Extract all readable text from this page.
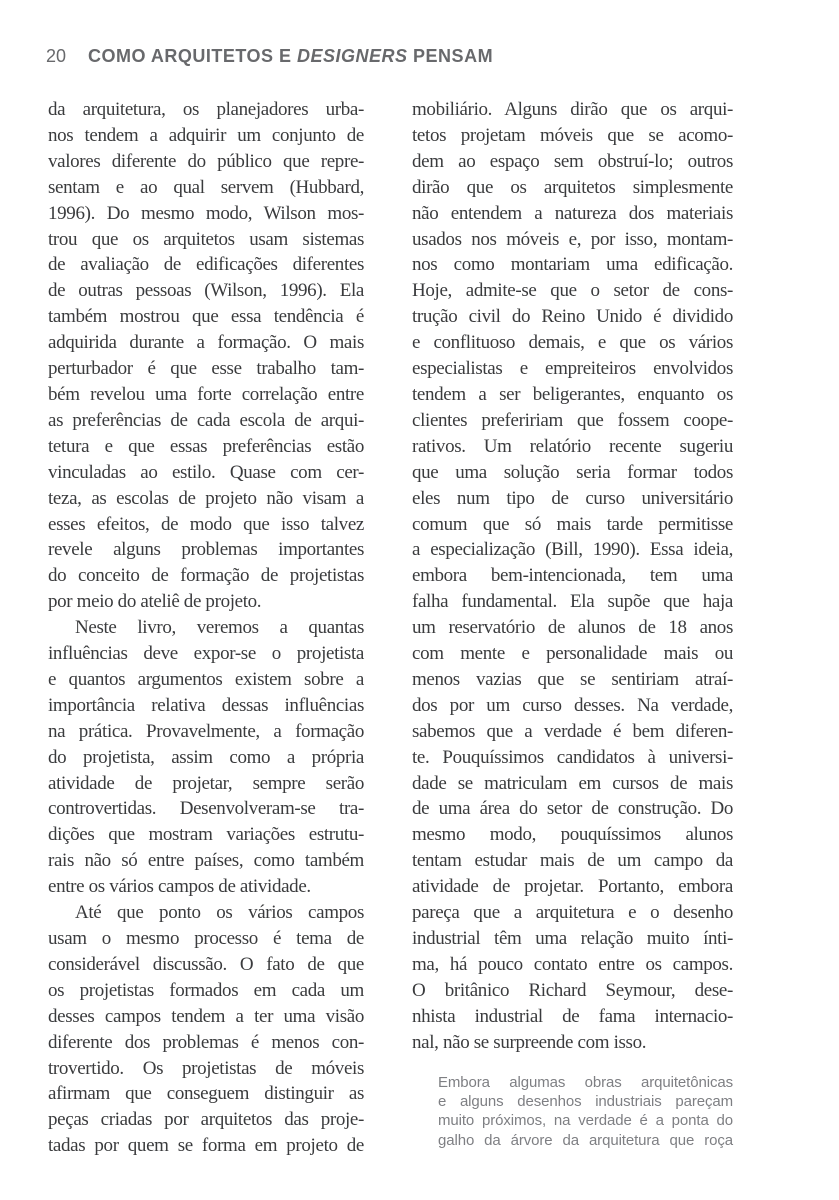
20	COMO ARQUITETOS E DESIGNERS PENSAM
da arquitetura, os planejadores urba-
nos tendem a adquirir um conjunto de
valores diferente do público que repre-
sentam e ao qual servem (Hubbard,
1996). Do mesmo modo, Wilson mos-
trou que os arquitetos usam sistemas
de avaliação de edificações diferentes
de outras pessoas (Wilson, 1996). Ela
também mostrou que essa tendência é
adquirida durante a formação. O mais
perturbador é que esse trabalho tam-
bém revelou uma forte correlação entre
as preferências de cada escola de arqui-
tetura e que essas preferências estão
vinculadas ao estilo. Quase com cer-
teza, as escolas de projeto não visam a
esses efeitos, de modo que isso talvez
revele alguns problemas importantes
do conceito de formação de projetistas
por meio do ateliê de projeto.
Neste livro, veremos a quantas
influências deve expor-se o projetista
e quantos argumentos existem sobre a
importância relativa dessas influências
na prática. Provavelmente, a formação
do projetista, assim como a própria
atividade de projetar, sempre serão
controvertidas. Desenvolveram-se tra-
dições que mostram variações estrutu-
rais não só entre países, como também
entre os vários campos de atividade.
Até que ponto os vários campos
usam o mesmo processo é tema de
considerável discussão. O fato de que
os projetistas formados em cada um
desses campos tendem a ter uma visão
diferente dos problemas é menos con-
trovertido. Os projetistas de móveis
afirmam que conseguem distinguir as
peças criadas por arquitetos das proje-
tadas por quem se forma em projeto de
mobiliário. Alguns dirão que os arqui-
tetos projetam móveis que se acomo-
dem ao espaço sem obstruí-lo; outros
dirão que os arquitetos simplesmente
não entendem a natureza dos materiais
usados nos móveis e, por isso, montam-
nos como montariam uma edificação.
Hoje, admite-se que o setor de cons-
trução civil do Reino Unido é dividido
e conflituoso demais, e que os vários
especialistas e empreiteiros envolvidos
tendem a ser beligerantes, enquanto os
clientes prefeririam que fossem coope-
rativos. Um relatório recente sugeriu
que uma solução seria formar todos
eles num tipo de curso universitário
comum que só mais tarde permitisse
a especialização (Bill, 1990). Essa ideia,
embora bem-intencionada, tem uma
falha fundamental. Ela supõe que haja
um reservatório de alunos de 18 anos
com mente e personalidade mais ou
menos vazias que se sentiriam atraí-
dos por um curso desses. Na verdade,
sabemos que a verdade é bem diferen-
te. Pouquíssimos candidatos à universi-
dade se matriculam em cursos de mais
de uma área do setor de construção. Do
mesmo modo, pouquíssimos alunos
tentam estudar mais de um campo da
atividade de projetar. Portanto, embora
pareça que a arquitetura e o desenho
industrial têm uma relação muito ínti-
ma, há pouco contato entre os campos.
O britânico Richard Seymour, dese-
nhista industrial de fama internacio-
nal, não se surpreende com isso.
Embora algumas obras arquitetônicas
e alguns desenhos industriais pareçam
muito próximos, na verdade é a ponta do
galho da árvore da arquitetura que roça
